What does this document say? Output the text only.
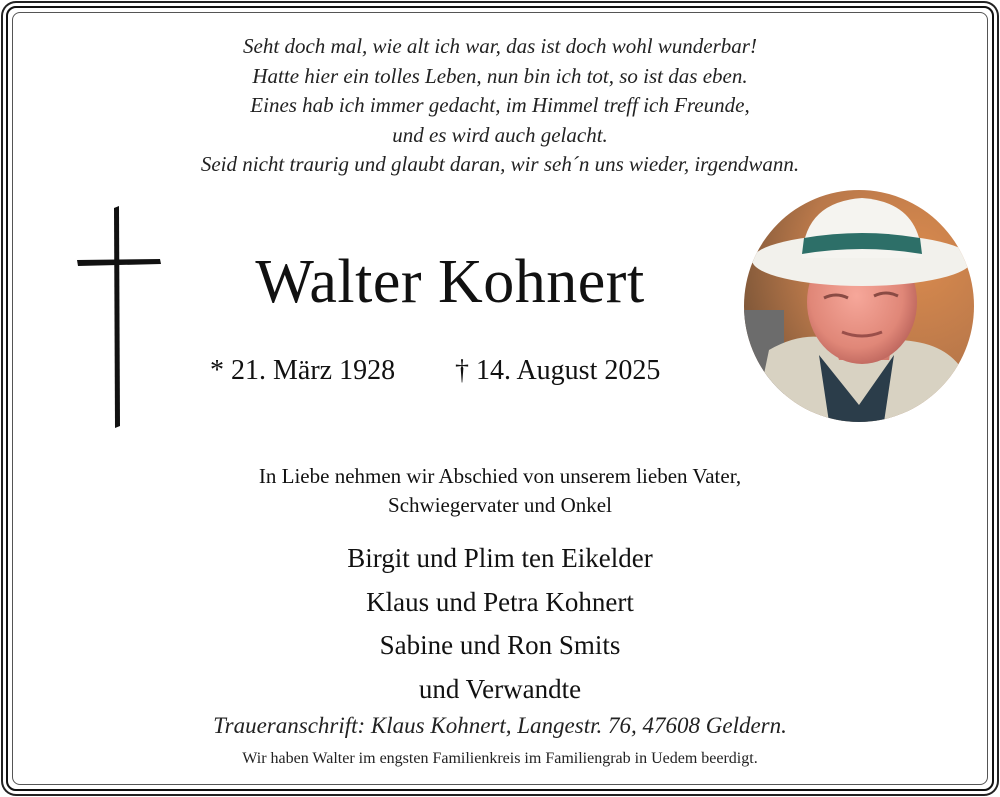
Seht doch mal, wie alt ich war, das ist doch wohl wunderbar!
Hatte hier ein tolles Leben, nun bin ich tot, so ist das eben.
Eines hab ich immer gedacht, im Himmel treff ich Freunde,
und es wird auch gelacht.
Seid nicht traurig und glaubt daran, wir seh´n uns wieder, irgendwann.
Walter Kohnert
* 21. März 1928 † 14. August 2025
In Liebe nehmen wir Abschied von unserem lieben Vater,
Schwiegervater und Onkel
Birgit und Plim ten Eikelder
Klaus und Petra Kohnert
Sabine und Ron Smits
und Verwandte
Traueranschrift: Klaus Kohnert, Langestr. 76, 47608 Geldern.
Wir haben Walter im engsten Familienkreis im Familiengrab in Uedem beerdigt.
